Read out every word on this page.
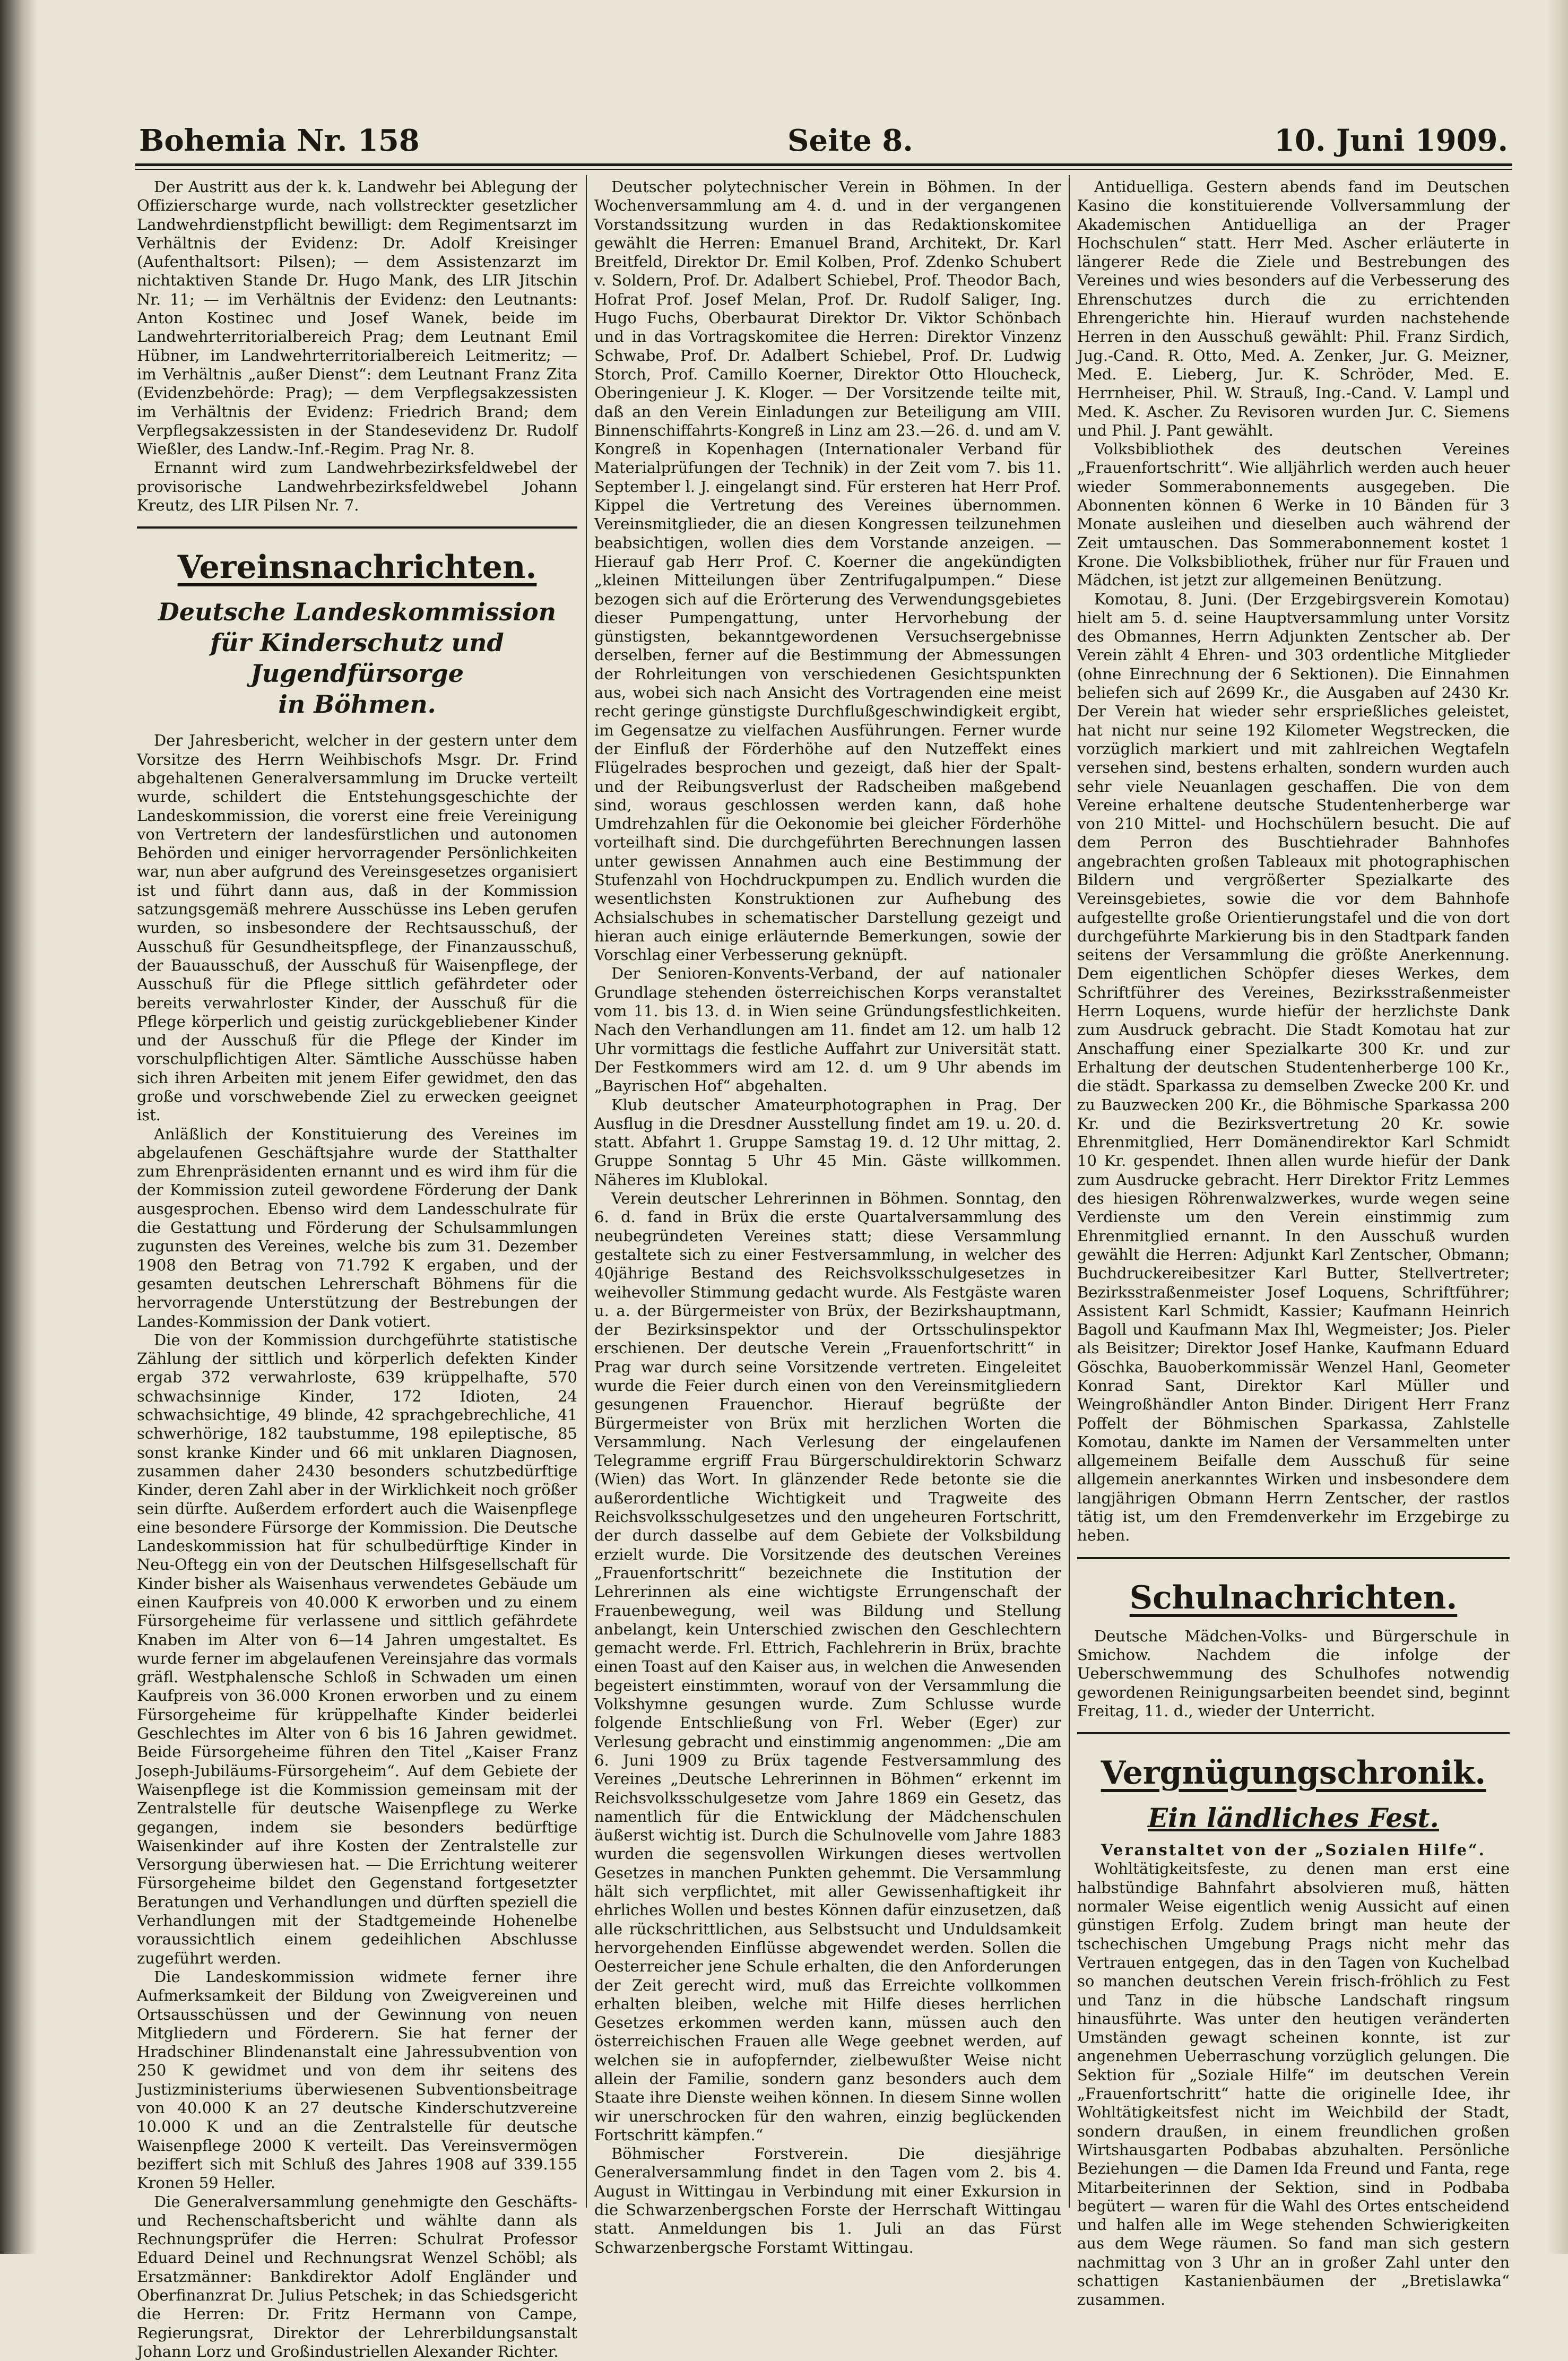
Bohemia Nr. 158	Seite 8.	10. Juni 1909.

Der Austritt aus der k. k. Landwehr bei Ablegung der Offizierscharge wurde, nach vollstreckter gesetzlicher Landwehrdienstpflicht bewilligt: dem Regimentsarzt im Verhältnis der Evidenz: Dr. Adolf Kreisinger (Aufenthaltsort: Pilsen); — dem Assistenzarzt im nichtaktiven Stande Dr. Hugo Mank, des LIR Jitschin Nr. 11; — im Verhältnis der Evidenz: den Leutnants: Anton Kostinec und Josef Wanek, beide im Landwehrterritorialbereich Prag; dem Leutnant Emil Hübner, im Landwehrterritorialbereich Leitmeritz; — im Verhältnis „außer Dienst“: dem Leutnant Franz Zita (Evidenzbehörde: Prag); — dem Verpflegsakzessisten im Verhältnis der Evidenz: Friedrich Brand; dem Verpflegsakzessisten in der Standesevidenz Dr. Rudolf Wießler, des Landw.-Inf.-Regim. Prag Nr. 8.

Ernannt wird zum Landwehrbezirksfeldwebel der provisorische Landwehrbezirksfeldwebel Johann Kreutz, des LIR Pilsen Nr. 7.

Vereinsnachrichten.
Deutsche Landeskommission
für Kinderschutz und Jugendfürsorge
in Böhmen.

Der Jahresbericht, welcher in der gestern unter dem Vorsitze des Herrn Weihbischofs Msgr. Dr. Frind abgehaltenen Generalversammlung im Drucke verteilt wurde, schildert die Entstehungsgeschichte der Landeskommission, die vorerst eine freie Vereinigung von Vertretern der landesfürstlichen und autonomen Behörden und einiger hervorragender Persönlichkeiten war, nun aber aufgrund des Vereinsgesetzes organisiert ist und führt dann aus, daß in der Kommission satzungsgemäß mehrere Ausschüsse ins Leben gerufen wurden, so insbesondere der Rechtsausschuß, der Ausschuß für Gesundheitspflege, der Finanzausschuß, der Bauausschuß, der Ausschuß für Waisenpflege, der Ausschuß für die Pflege sittlich gefährdeter oder bereits verwahrloster Kinder, der Ausschuß für die Pflege körperlich und geistig zurückgebliebener Kinder und der Ausschuß für die Pflege der Kinder im vorschulpflichtigen Alter. Sämtliche Ausschüsse haben sich ihren Arbeiten mit jenem Eifer gewidmet, den das große und vorschwebende Ziel zu erwecken geeignet ist.

Anläßlich der Konstituierung des Vereines im abgelaufenen Geschäftsjahre wurde der Statthalter zum Ehrenpräsidenten ernannt und es wird ihm für die der Kommission zuteil gewordene Förderung der Dank ausgesprochen. Ebenso wird dem Landesschulrate für die Gestattung und Förderung der Schulsammlungen zugunsten des Vereines, welche bis zum 31. Dezember 1908 den Betrag von 71.792 K ergaben, und der gesamten deutschen Lehrerschaft Böhmens für die hervorragende Unterstützung der Bestrebungen der Landes-Kommission der Dank votiert.

Die von der Kommission durchgeführte statistische Zählung der sittlich und körperlich defekten Kinder ergab 372 verwahrloste, 639 krüppelhafte, 570 schwachsinnige Kinder, 172 Idioten, 24 schwachsichtige, 49 blinde, 42 sprachgebrechliche, 41 schwerhörige, 182 taubstumme, 198 epileptische, 85 sonst kranke Kinder und 66 mit unklaren Diagnosen, zusammen daher 2430 besonders schutzbedürftige Kinder, deren Zahl aber in der Wirklichkeit noch größer sein dürfte. Außerdem erfordert auch die Waisenpflege eine besondere Fürsorge der Kommission. Die Deutsche Landeskommission hat für schulbedürftige Kinder in Neu-Oftegg ein von der Deutschen Hilfsgesellschaft für Kinder bisher als Waisenhaus verwendetes Gebäude um einen Kaufpreis von 40.000 K erworben und zu einem Fürsorgeheime für verlassene und sittlich gefährdete Knaben im Alter von 6—14 Jahren umgestaltet. Es wurde ferner im abgelaufenen Vereinsjahre das vormals gräfl. Westphalensche Schloß in Schwaden um einen Kaufpreis von 36.000 Kronen erworben und zu einem Fürsorgeheime für krüppelhafte Kinder beiderlei Geschlechtes im Alter von 6 bis 16 Jahren gewidmet. Beide Fürsorgeheime führen den Titel „Kaiser Franz Joseph-Jubiläums-Fürsorgeheim“. Auf dem Gebiete der Waisenpflege ist die Kommission gemeinsam mit der Zentralstelle für deutsche Waisenpflege zu Werke gegangen, indem sie besonders bedürftige Waisenkinder auf ihre Kosten der Zentralstelle zur Versorgung überwiesen hat. — Die Errichtung weiterer Fürsorgeheime bildet den Gegenstand fortgesetzter Beratungen und Verhandlungen und dürften speziell die Verhandlungen mit der Stadtgemeinde Hohenelbe voraussichtlich einem gedeihlichen Abschlusse zugeführt werden.

Die Landeskommission widmete ferner ihre Aufmerksamkeit der Bildung von Zweigvereinen und Ortsausschüssen und der Gewinnung von neuen Mitgliedern und Förderern. Sie hat ferner der Hradschiner Blindenanstalt eine Jahressubvention von 250 K gewidmet und von dem ihr seitens des Justizministeriums überwiesenen Subventionsbeitrage von 40.000 K an 27 deutsche Kinderschutzvereine 10.000 K und an die Zentralstelle für deutsche Waisenpflege 2000 K verteilt. Das Vereinsvermögen beziffert sich mit Schluß des Jahres 1908 auf 339.155 Kronen 59 Heller.

Die Generalversammlung genehmigte den Geschäfts- und Rechenschaftsbericht und wählte dann als Rechnungsprüfer die Herren: Schulrat Professor Eduard Deinel und Rechnungsrat Wenzel Schöbl; als Ersatzmänner: Bankdirektor Adolf Engländer und Oberfinanzrat Dr. Julius Petschek; in das Schiedsgericht die Herren: Dr. Fritz Hermann von Campe, Regierungsrat, Direktor der Lehrerbildungsanstalt Johann Lorz und Großindustriellen Alexander Richter.

Deutscher polytechnischer Verein in Böhmen. In der Wochenversammlung am 4. d. und in der vergangenen Vorstandssitzung wurden in das Redaktionskomitee gewählt die Herren: Emanuel Brand, Architekt, Dr. Karl Breitfeld, Direktor Dr. Emil Kolben, Prof. Zdenko Schubert v. Soldern, Prof. Dr. Adalbert Schiebel, Prof. Theodor Bach, Hofrat Prof. Josef Melan, Prof. Dr. Rudolf Saliger, Ing. Hugo Fuchs, Oberbaurat Direktor Dr. Viktor Schönbach und in das Vortragskomitee die Herren: Direktor Vinzenz Schwabe, Prof. Dr. Adalbert Schiebel, Prof. Dr. Ludwig Storch, Prof. Camillo Koerner, Direktor Otto Hloucheck, Oberingenieur J. K. Kloger. — Der Vorsitzende teilte mit, daß an den Verein Einladungen zur Beteiligung am VIII. Binnenschiffahrts-Kongreß in Linz am 23.—26. d. und am V. Kongreß in Kopenhagen (Internationaler Verband für Materialprüfungen der Technik) in der Zeit vom 7. bis 11. September l. J. eingelangt sind. Für ersteren hat Herr Prof. Kippel die Vertretung des Vereines übernommen. Vereinsmitglieder, die an diesen Kongressen teilzunehmen beabsichtigen, wollen dies dem Vorstande anzeigen. — Hierauf gab Herr Prof. C. Koerner die angekündigten „kleinen Mitteilungen über Zentrifugalpumpen.“ Diese bezogen sich auf die Erörterung des Verwendungsgebietes dieser Pumpengattung, unter Hervorhebung der günstigsten, bekanntgewordenen Versuchsergebnisse derselben, ferner auf die Bestimmung der Abmessungen der Rohrleitungen von verschiedenen Gesichtspunkten aus, wobei sich nach Ansicht des Vortragenden eine meist recht geringe günstigste Durchflußgeschwindigkeit ergibt, im Gegensatze zu vielfachen Ausführungen. Ferner wurde der Einfluß der Förderhöhe auf den Nutzeffekt eines Flügelrades besprochen und gezeigt, daß hier der Spalt- und der Reibungsverlust der Radscheiben maßgebend sind, woraus geschlossen werden kann, daß hohe Umdrehzahlen für die Oekonomie bei gleicher Förderhöhe vorteilhaft sind. Die durchgeführten Berechnungen lassen unter gewissen Annahmen auch eine Bestimmung der Stufenzahl von Hochdruckpumpen zu. Endlich wurden die wesentlichsten Konstruktionen zur Aufhebung des Achsialschubes in schematischer Darstellung gezeigt und hieran auch einige erläuternde Bemerkungen, sowie der Vorschlag einer Verbesserung geknüpft.

Der Senioren-Konvents-Verband, der auf nationaler Grundlage stehenden österreichischen Korps veranstaltet vom 11. bis 13. d. in Wien seine Gründungsfestlichkeiten. Nach den Verhandlungen am 11. findet am 12. um halb 12 Uhr vormittags die festliche Auffahrt zur Universität statt. Der Festkommers wird am 12. d. um 9 Uhr abends im „Bayrischen Hof“ abgehalten.

Klub deutscher Amateurphotographen in Prag. Der Ausflug in die Dresdner Ausstellung findet am 19. u. 20. d. statt. Abfahrt 1. Gruppe Samstag 19. d. 12 Uhr mittag, 2. Gruppe Sonntag 5 Uhr 45 Min. Gäste willkommen. Näheres im Klublokal.

Verein deutscher Lehrerinnen in Böhmen. Sonntag, den 6. d. fand in Brüx die erste Quartalversammlung des neubegründeten Vereines statt; diese Versammlung gestaltete sich zu einer Festversammlung, in welcher des 40jährige Bestand des Reichsvolksschulgesetzes in weihevoller Stimmung gedacht wurde. Als Festgäste waren u. a. der Bürgermeister von Brüx, der Bezirkshauptmann, der Bezirksinspektor und der Ortsschulinspektor erschienen. Der deutsche Verein „Frauenfortschritt“ in Prag war durch seine Vorsitzende vertreten. Eingeleitet wurde die Feier durch einen von den Vereinsmitgliedern gesungenen Frauenchor. Hierauf begrüßte der Bürgermeister von Brüx mit herzlichen Worten die Versammlung. Nach Verlesung der eingelaufenen Telegramme ergriff Frau Bürgerschuldirektorin Schwarz (Wien) das Wort. In glänzender Rede betonte sie die außerordentliche Wichtigkeit und Tragweite des Reichsvolksschulgesetzes und den ungeheuren Fortschritt, der durch dasselbe auf dem Gebiete der Volksbildung erzielt wurde. Die Vorsitzende des deutschen Vereines „Frauenfortschritt“ bezeichnete die Institution der Lehrerinnen als eine wichtigste Errungenschaft der Frauenbewegung, weil was Bildung und Stellung anbelangt, kein Unterschied zwischen den Geschlechtern gemacht werde. Frl. Ettrich, Fachlehrerin in Brüx, brachte einen Toast auf den Kaiser aus, in welchen die Anwesenden begeistert einstimmten, worauf von der Versammlung die Volkshymne gesungen wurde. Zum Schlusse wurde folgende Entschließung von Frl. Weber (Eger) zur Verlesung gebracht und einstimmig angenommen: „Die am 6. Juni 1909 zu Brüx tagende Festversammlung des Vereines „Deutsche Lehrerinnen in Böhmen“ erkennt im Reichsvolksschulgesetze vom Jahre 1869 ein Gesetz, das namentlich für die Entwicklung der Mädchenschulen äußerst wichtig ist. Durch die Schulnovelle vom Jahre 1883 wurden die segensvollen Wirkungen dieses wertvollen Gesetzes in manchen Punkten gehemmt. Die Versammlung hält sich verpflichtet, mit aller Gewissenhaftigkeit ihr ehrliches Wollen und bestes Können dafür einzusetzen, daß alle rückschrittlichen, aus Selbstsucht und Unduldsamkeit hervorgehenden Einflüsse abgewendet werden. Sollen die Oesterreicher jene Schule erhalten, die den Anforderungen der Zeit gerecht wird, muß das Erreichte vollkommen erhalten bleiben, welche mit Hilfe dieses herrlichen Gesetzes erkommen werden kann, müssen auch den österreichischen Frauen alle Wege geebnet werden, auf welchen sie in aufopfernder, zielbewußter Weise nicht allein der Familie, sondern ganz besonders auch dem Staate ihre Dienste weihen können. In diesem Sinne wollen wir unerschrocken für den wahren, einzig beglückenden Fortschritt kämpfen.“

Böhmischer Forstverein. Die diesjährige Generalversammlung findet in den Tagen vom 2. bis 4. August in Wittingau in Verbindung mit einer Exkursion in die Schwarzenbergschen Forste der Herrschaft Wittingau statt. Anmeldungen bis 1. Juli an das Fürst Schwarzenbergsche Forstamt Wittingau.

Antiduelliga. Gestern abends fand im Deutschen Kasino die konstituierende Vollversammlung der Akademischen Antiduelliga an der Prager Hochschulen“ statt. Herr Med. Ascher erläuterte in längerer Rede die Ziele und Bestrebungen des Vereines und wies besonders auf die Verbesserung des Ehrenschutzes durch die zu errichtenden Ehrengerichte hin. Hierauf wurden nachstehende Herren in den Ausschuß gewählt: Phil. Franz Sirdich, Jug.-Cand. R. Otto, Med. A. Zenker, Jur. G. Meizner, Med. E. Lieberg, Jur. K. Schröder, Med. E. Herrnheiser, Phil. W. Strauß, Ing.-Cand. V. Lampl und Med. K. Ascher. Zu Revisoren wurden Jur. C. Siemens und Phil. J. Pant gewählt.

Volksbibliothek des deutschen Vereines „Frauenfortschritt“. Wie alljährlich werden auch heuer wieder Sommerabonnements ausgegeben. Die Abonnenten können 6 Werke in 10 Bänden für 3 Monate ausleihen und dieselben auch während der Zeit umtauschen. Das Sommerabonnement kostet 1 Krone. Die Volksbibliothek, früher nur für Frauen und Mädchen, ist jetzt zur allgemeinen Benützung.

Komotau, 8. Juni. (Der Erzgebirgsverein Komotau) hielt am 5. d. seine Hauptversammlung unter Vorsitz des Obmannes, Herrn Adjunkten Zentscher ab. Der Verein zählt 4 Ehren- und 303 ordentliche Mitglieder (ohne Einrechnung der 6 Sektionen). Die Einnahmen beliefen sich auf 2699 Kr., die Ausgaben auf 2430 Kr. Der Verein hat wieder sehr ersprießliches geleistet, hat nicht nur seine 192 Kilometer Wegstrecken, die vorzüglich markiert und mit zahlreichen Wegtafeln versehen sind, bestens erhalten, sondern wurden auch sehr viele Neuanlagen geschaffen. Die von dem Vereine erhaltene deutsche Studentenherberge war von 210 Mittel- und Hochschülern besucht. Die auf dem Perron des Buschtiehrader Bahnhofes angebrachten großen Tableaux mit photographischen Bildern und vergrößerter Spezialkarte des Vereinsgebietes, sowie die vor dem Bahnhofe aufgestellte große Orientierungstafel und die von dort durchgeführte Markierung bis in den Stadtpark fanden seitens der Versammlung die größte Anerkennung. Dem eigentlichen Schöpfer dieses Werkes, dem Schriftführer des Vereines, Bezirksstraßenmeister Herrn Loquens, wurde hiefür der herzlichste Dank zum Ausdruck gebracht. Die Stadt Komotau hat zur Anschaffung einer Spezialkarte 300 Kr. und zur Erhaltung der deutschen Studentenherberge 100 Kr., die städt. Sparkassa zu demselben Zwecke 200 Kr. und zu Bauzwecken 200 Kr., die Böhmische Sparkassa 200 Kr. und die Bezirksvertretung 20 Kr. sowie Ehrenmitglied, Herr Domänendirektor Karl Schmidt 10 Kr. gespendet. Ihnen allen wurde hiefür der Dank zum Ausdrucke gebracht. Herr Direktor Fritz Lemmes des hiesigen Röhrenwalzwerkes, wurde wegen seine Verdienste um den Verein einstimmig zum Ehrenmitglied ernannt. In den Ausschuß wurden gewählt die Herren: Adjunkt Karl Zentscher, Obmann; Buchdruckereibesitzer Karl Butter, Stellvertreter; Bezirksstraßenmeister Josef Loquens, Schriftführer; Assistent Karl Schmidt, Kassier; Kaufmann Heinrich Bagoll und Kaufmann Max Ihl, Wegmeister; Jos. Pieler als Beisitzer; Direktor Josef Hanke, Kaufmann Eduard Göschka, Bauoberkommissär Wenzel Hanl, Geometer Konrad Sant, Direktor Karl Müller und Weingroßhändler Anton Binder. Dirigent Herr Franz Poffelt der Böhmischen Sparkassa, Zahlstelle Komotau, dankte im Namen der Versammelten unter allgemeinem Beifalle dem Ausschuß für seine allgemein anerkanntes Wirken und insbesondere dem langjährigen Obmann Herrn Zentscher, der rastlos tätig ist, um den Fremdenverkehr im Erzgebirge zu heben.

Schulnachrichten.

Deutsche Mädchen-Volks- und Bürgerschule in Smichow. Nachdem die infolge der Ueberschwemmung des Schulhofes notwendig gewordenen Reinigungsarbeiten beendet sind, beginnt Freitag, 11. d., wieder der Unterricht.

Vergnügungschronik.
Ein ländliches Fest.

Veranstaltet von der „Sozialen Hilfe“.

Wohltätigkeitsfeste, zu denen man erst eine halbstündige Bahnfahrt absolvieren muß, hätten normaler Weise eigentlich wenig Aussicht auf einen günstigen Erfolg. Zudem bringt man heute der tschechischen Umgebung Prags nicht mehr das Vertrauen entgegen, das in den Tagen von Kuchelbad so manchen deutschen Verein frisch-fröhlich zu Fest und Tanz in die hübsche Landschaft ringsum hinausführte. Was unter den heutigen veränderten Umständen gewagt scheinen konnte, ist zur angenehmen Ueberraschung vorzüglich gelungen. Die Sektion für „Soziale Hilfe“ im deutschen Verein „Frauenfortschritt“ hatte die originelle Idee, ihr Wohltätigkeitsfest nicht im Weichbild der Stadt, sondern draußen, in einem freundlichen großen Wirtshausgarten Podbabas abzuhalten. Persönliche Beziehungen — die Damen Ida Freund und Fanta, rege Mitarbeiterinnen der Sektion, sind in Podbaba begütert — waren für die Wahl des Ortes entscheidend und halfen alle im Wege stehenden Schwierigkeiten aus dem Wege räumen. So fand man sich gestern nachmittag von 3 Uhr an in großer Zahl unter den schattigen Kastanienbäumen der „Bretislawka“ zusammen.
